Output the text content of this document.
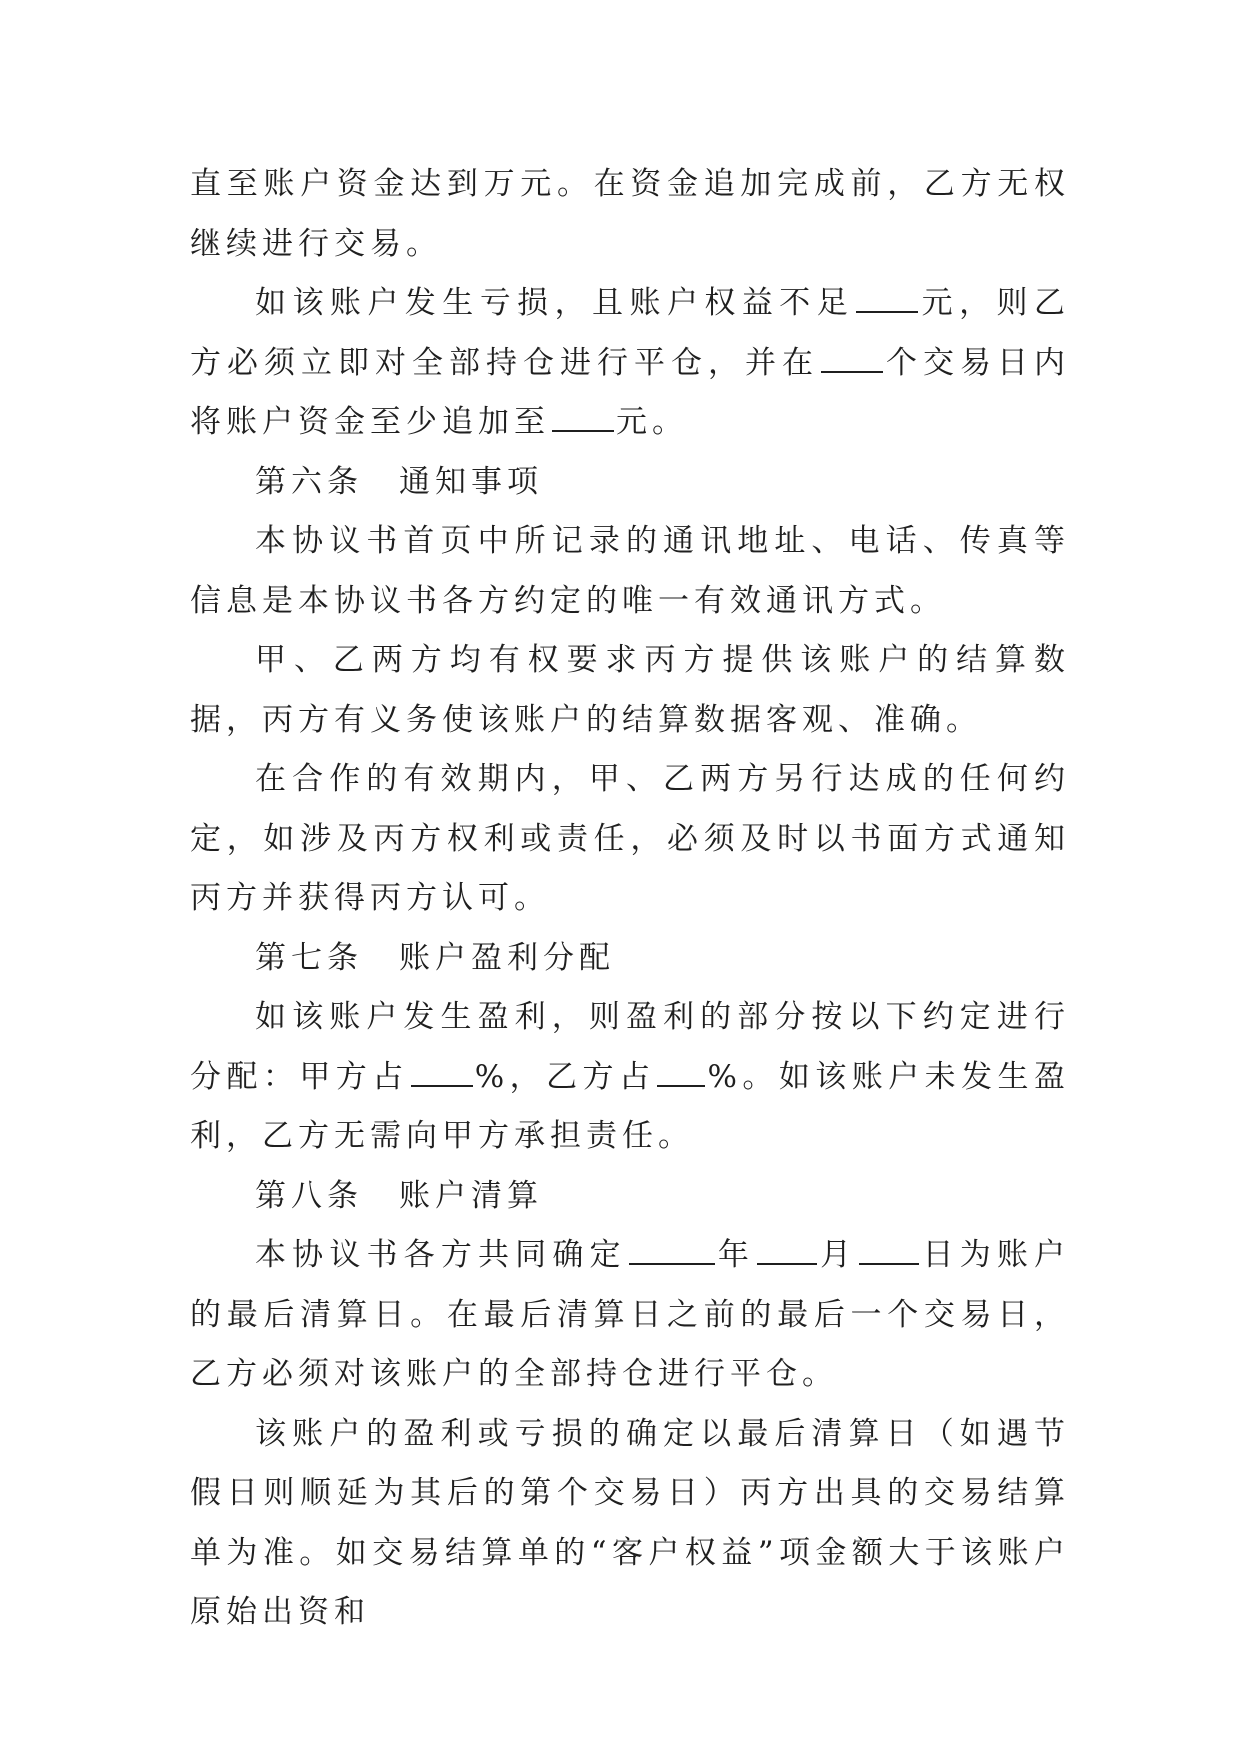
直至账户资金达到万元。在资金追加完成前，乙方无权继续进行交易。

如该账户发生亏损，且账户权益不足 元，则乙方必须立即对全部持仓进行平仓，并在 个交易日内将账户资金至少追加至 元。

第六条　通知事项

本协议书首页中所记录的通讯地址、电话、传真等信息是本协议书各方约定的唯一有效通讯方式。

甲、乙两方均有权要求丙方提供该账户的结算数据，丙方有义务使该账户的结算数据客观、准确。

在合作的有效期内，甲、乙两方另行达成的任何约定，如涉及丙方权利或责任，必须及时以书面方式通知丙方并获得丙方认可。

第七条　账户盈利分配

如该账户发生盈利，则盈利的部分按以下约定进行分配：甲方占 %，乙方占 %。如该账户未发生盈利，乙方无需向甲方承担责任。

第八条　账户清算

本协议书各方共同确定	年 月 日为账户的最后清算日。在最后清算日之前的最后一个交易日，乙方必须对该账户的全部持仓进行平仓。

该账户的盈利或亏损的确定以最后清算日（如遇节假日则顺延为其后的第个交易日）丙方出具的交易结算单为准。如交易结算单的“客户权益”项金额大于该账户原始出资和
